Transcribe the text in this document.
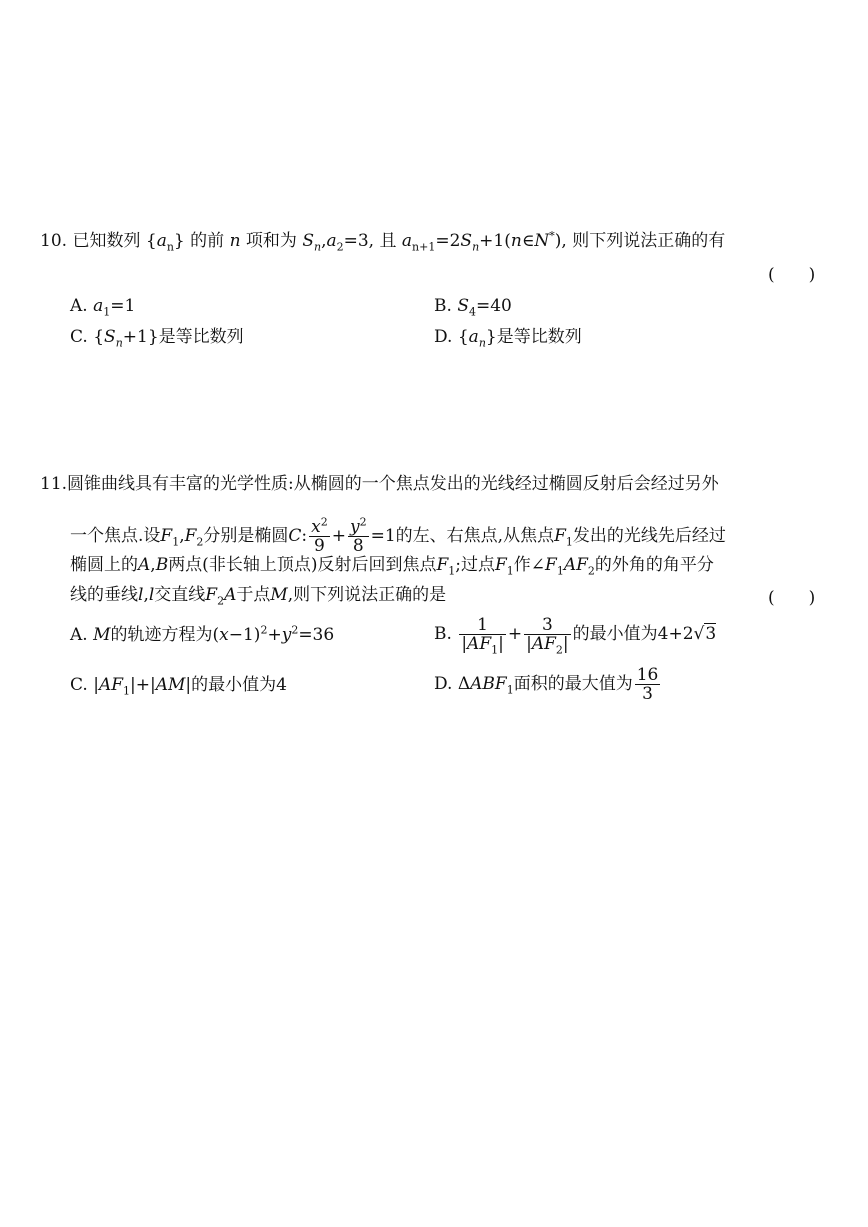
10. 已知数列 $\{a_n\}$ 的前 n 项和为 $S_n,a_2=3$, 且 $a_{n+1}=2S_n+1(n\in N^*)$, 则下列说法正确的有
(　　)
A. $a_1=1$	B. $S_4=40$
C. $\{S_n+1\}$是等比数列	D. $\{a_n\}$是等比数列
11.圆锥曲线具有丰富的光学性质:从椭圆的一个焦点发出的光线经过椭圆反射后会经过另外
一个焦点.设$F_1,F_2$分别是椭圆C: $\frac{x^2}{9} + \frac{y^2}{8} =1$的左、右焦点,从焦点$F_1$发出的光线先后经过
椭圆上的A,B两点(非长轴上顶点)反射后回到焦点$F_1$;过点$F_1$作$\angle F_1AF_2$的外角的角平分
线的垂线l,l交直线$F_2A$于点M,则下列说法正确的是	(　　)
A. M的轨迹方程为$(x-1)^2+y^2=36$	B. $\frac{1}{|AF_1|} + \frac{3}{|AF_2|}$ 的最小值为4+2√3
C. $|AF_1|+|AM|$的最小值为4	D. $\Delta ABF_1$面积的最大值为 $\frac{16}{3}$
